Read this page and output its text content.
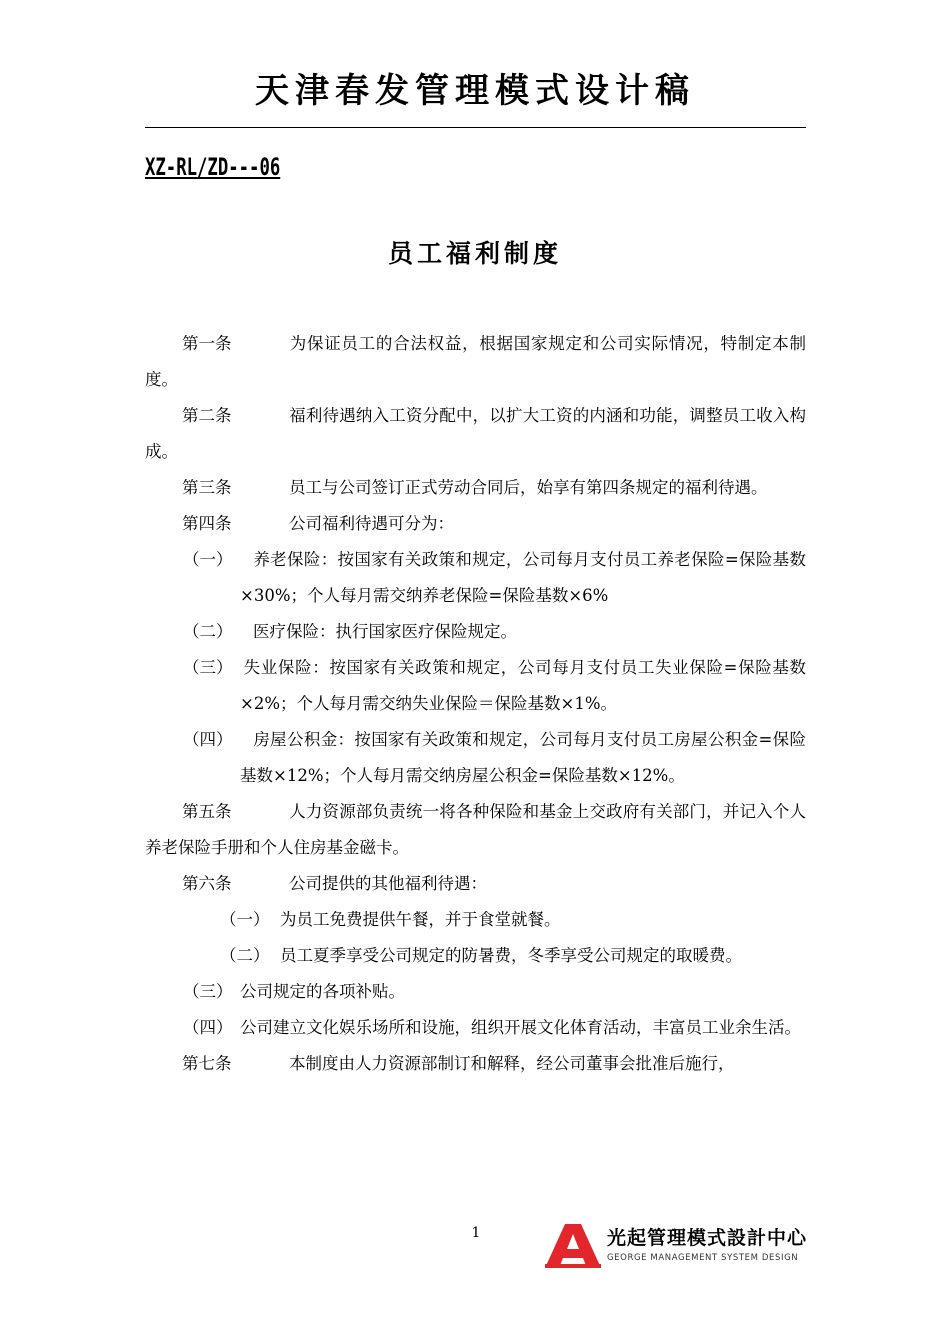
天津春发管理模式设计稿
XZ-RL/ZD---06
员工福利制度

第一条	为保证员工的合法权益，根据国家规定和公司实际情况，特制定本制度。

第二条	福利待遇纳入工资分配中，以扩大工资的内涵和功能，调整员工收入构成。

第三条	员工与公司签订正式劳动合同后，始享有第四条规定的福利待遇。

第四条	公司福利待遇可分为：

（一） 养老保险：按国家有关政策和规定，公司每月支付员工养老保险=保险基数×30%；个人每月需交纳养老保险=保险基数×6%

（二） 医疗保险：执行国家医疗保险规定。

（三） 失业保险：按国家有关政策和规定，公司每月支付员工失业保险=保险基数×2%；个人每月需交纳失业保险＝保险基数×1%。

（四） 房屋公积金：按国家有关政策和规定，公司每月支付员工房屋公积金=保险基数×12%；个人每月需交纳房屋公积金=保险基数×12%。

第五条	人力资源部负责统一将各种保险和基金上交政府有关部门，并记入个人养老保险手册和个人住房基金磁卡。

第六条	公司提供的其他福利待遇：

（一） 为员工免费提供午餐，并于食堂就餐。

（二） 员工夏季享受公司规定的防暑费，冬季享受公司规定的取暖费。

（三） 公司规定的各项补贴。

（四） 公司建立文化娱乐场所和设施，组织开展文化体育活动，丰富员工业余生活。

第七条	本制度由人力资源部制订和解释，经公司董事会批准后施行，

1	光起管理模式設計中心
GEORGE MANAGEMENT SYSTEM DESIGN
